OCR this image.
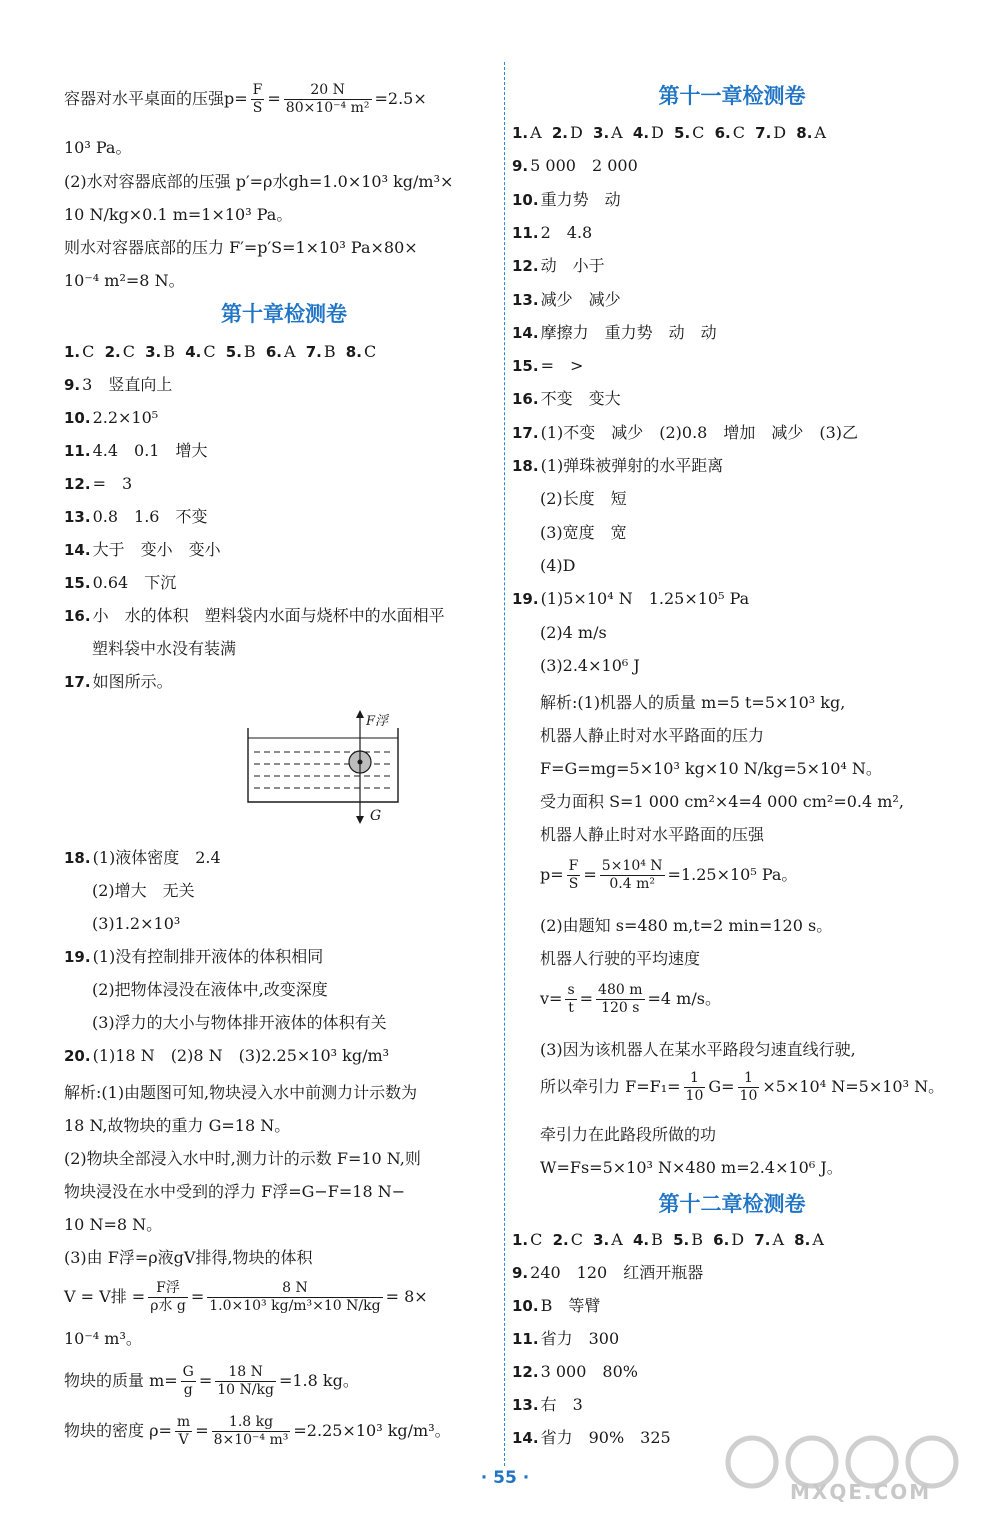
容器对水平桌面的压强$p= \frac{F}{S} = \frac{20 N}{\text{80×10⁻⁴ m²}} =2.5\times$
10³ Pa。
(2)水对容器底部的压强 p′=ρ水gh=1.0×10³ kg/m³×
10 N/kg×0.1 m=1×10³ Pa。
则水对容器底部的压力 F′=p′S=1×10³ Pa×80×
10⁻⁴ m²=8 N。
第十章检测卷
1. C 2. C 3. B 4. C 5. B 6. A 7. B 8. C
9. 3　竖直向上
10. 2.2×10⁵
11. 4.4　0.1　增大
12. =　3
13. 0.8　1.6　不变
14. 大于　变小　变小
15. 0.64　下沉
16. 小　水的体积　塑料袋内水面与烧杯中的水面相平
塑料袋中水没有装满
17. 如图所示。
F浮
G
18. (1)液体密度　2.4
(2)增大　无关
(3)1.2×10³
19. (1)没有控制排开液体的体积相同
(2)把物体浸没在液体中,改变深度
(3)浮力的大小与物体排开液体的体积有关
20. (1)18 N　(2)8 N　(3)2.25×10³ kg/m³
解析:(1)由题图可知,物块浸入水中前测力计示数为
18 N,故物块的重力 G=18 N。
(2)物块全部浸入水中时,测力计的示数 F=10 N,则
物块浸没在水中受到的浮力 F浮=G−F=18 N−
10 N=8 N。
(3)由 F浮=ρ液gV排得,物块的体积
V = V排 = $\frac{\text{F浮}}{\text{ρ水 g}} = \frac{8 N}{\text{1.0×10³ kg/m³×10 N/kg}} = 8\times$
10⁻⁴ m³。
物块的质量 $m= \frac{G}{g} = \frac{18 N}{10 N/kg} =1.8$ kg。
物块的密度 $\rho= \frac{m}{V} = \frac{1.8 kg}{\text{8×10⁻⁴ m³}} =2.25\times 10^3$ kg/m³。
第十一章检测卷
1. A 2. D 3. A 4. D 5. C 6. C 7. D 8. A
9. 5 000　2 000
10. 重力势　动
11. 2　4.8
12. 动　小于
13. 减少　减少
14. 摩擦力　重力势　动　动
15. =　>
16. 不变　变大
17. (1)不变　减少　(2)0.8　增加　减少　(3)乙
18. (1)弹珠被弹射的水平距离
(2)长度　短
(3)宽度　宽
(4)D
19. (1)5×10⁴ N　1.25×10⁵ Pa
(2)4 m/s
(3)2.4×10⁶ J
解析:(1)机器人的质量 m=5 t=5×10³ kg,
机器人静止时对水平路面的压力
F=G=mg=5×10³ kg×10 N/kg=5×10⁴ N。
受力面积 S=1 000 cm²×4=4 000 cm²=0.4 m²,
机器人静止时对水平路面的压强
$p= \frac{F}{S} = \frac{\text{5×10⁴ N}}{\text{0.4 m²}} =1.25\times 10^5$ Pa。
(2)由题知 s=480 m,t=2 min=120 s。
机器人行驶的平均速度
$v= \frac{s}{t} = \frac{480 m}{120 s} =4$ m/s。
(3)因为该机器人在某水平路段匀速直线行驶,
所以牵引力 $F=F_1= \frac{1}{10} G= \frac{1}{10} \times 5\times 10^4$ N=5×10³ N。
牵引力在此路段所做的功
W=Fs=5×10³ N×480 m=2.4×10⁶ J。
第十二章检测卷
1. C 2. C 3. A 4. B 5. B 6. D 7. A 8. A
9. 240　120　红酒开瓶器
10. B　等臂
11. 省力　300
12. 3 000　80%
13. 右　3
14. 省力　90%　325
· 55 ·
MXQE.COM
